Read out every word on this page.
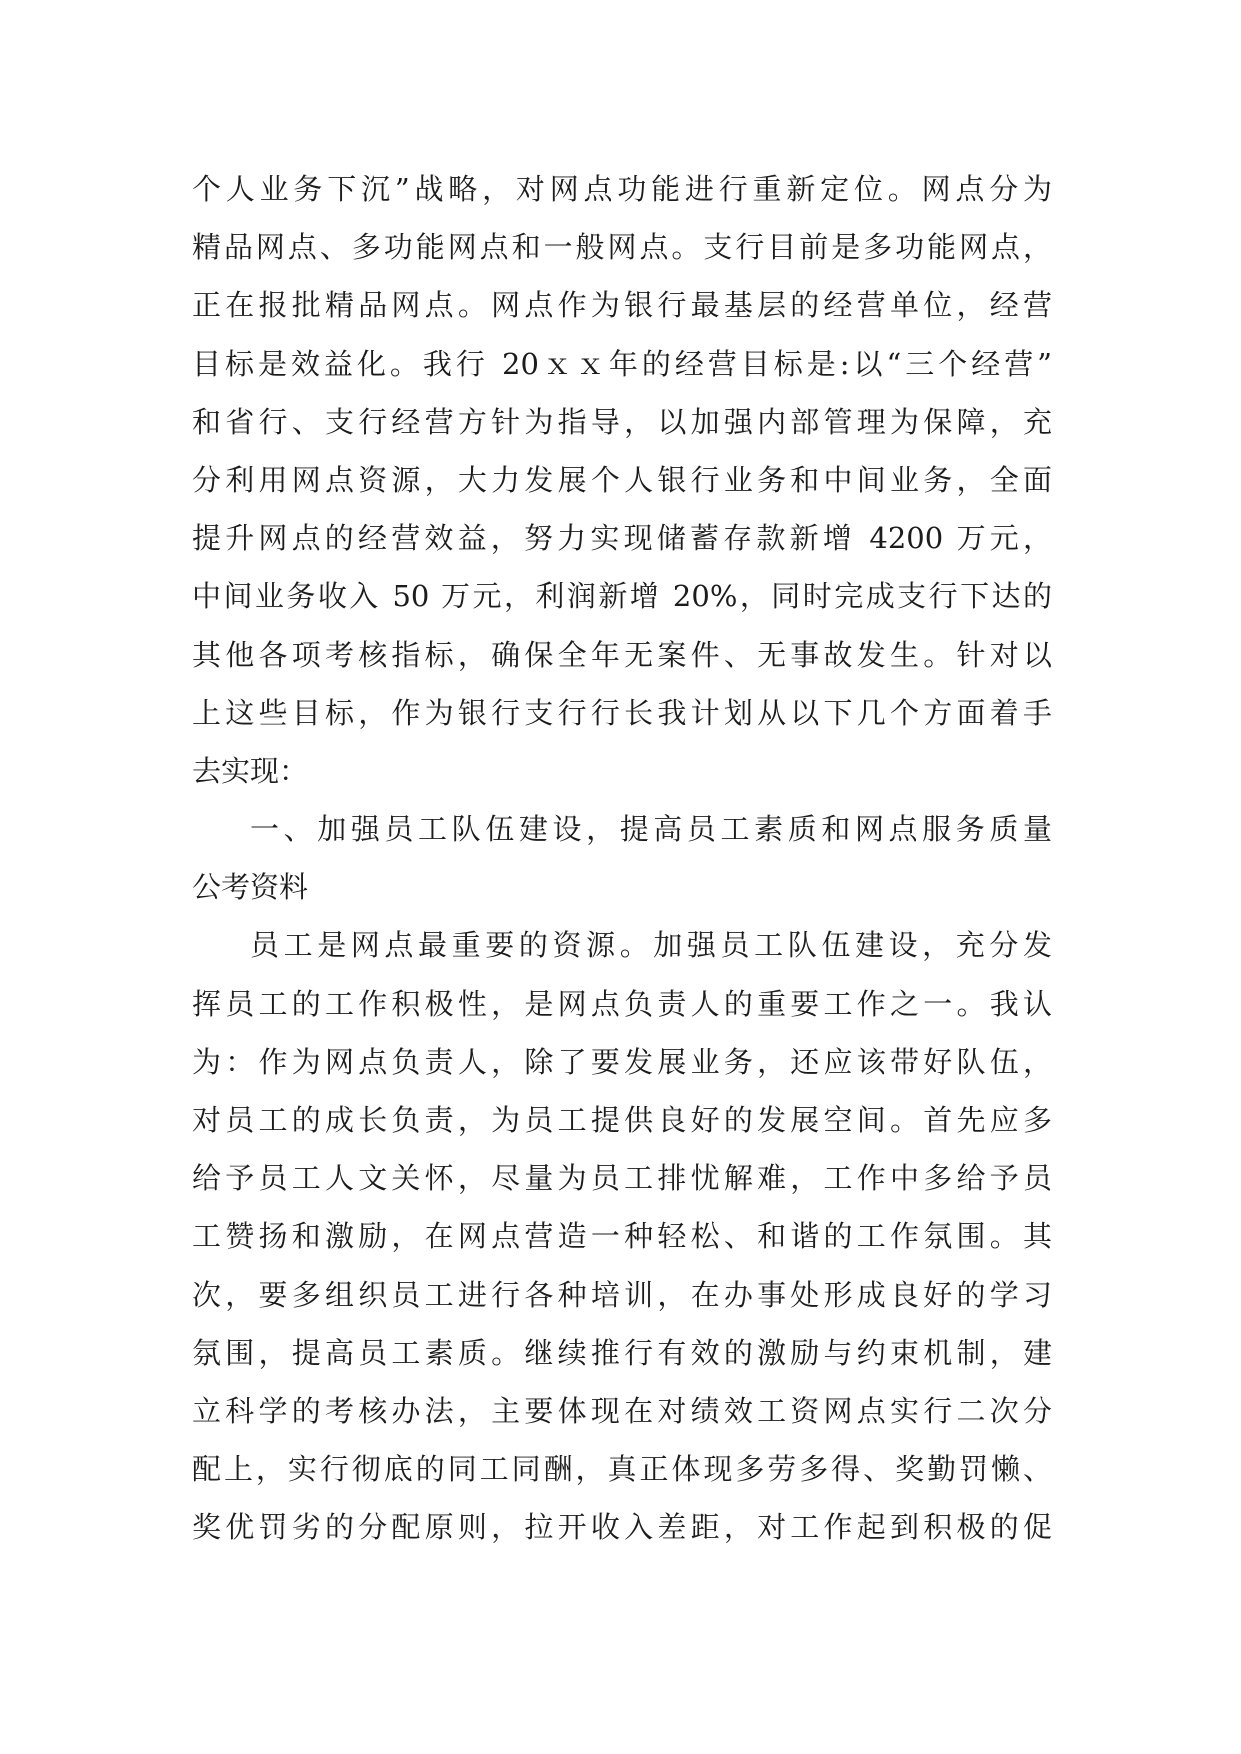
个人业务下沉”战略，对网点功能进行重新定位。网点分为
精品网点、多功能网点和一般网点。支行目前是多功能网点，
正在报批精品网点。网点作为银行最基层的经营单位，经营
目标是效益化。我行 20ｘｘ年的经营目标是:以“三个经营”
和省行、支行经营方针为指导，以加强内部管理为保障，充
分利用网点资源，大力发展个人银行业务和中间业务，全面
提升网点的经营效益，努力实现储蓄存款新增 4200 万元，
中间业务收入 50 万元，利润新增 20%，同时完成支行下达的
其他各项考核指标，确保全年无案件、无事故发生。针对以
上这些目标，作为银行支行行长我计划从以下几个方面着手
去实现：
一、加强员工队伍建设，提高员工素质和网点服务质量
公考资料
员工是网点最重要的资源。加强员工队伍建设，充分发
挥员工的工作积极性，是网点负责人的重要工作之一。我认
为：作为网点负责人，除了要发展业务，还应该带好队伍，
对员工的成长负责，为员工提供良好的发展空间。首先应多
给予员工人文关怀，尽量为员工排忧解难，工作中多给予员
工赞扬和激励，在网点营造一种轻松、和谐的工作氛围。其
次，要多组织员工进行各种培训，在办事处形成良好的学习
氛围，提高员工素质。继续推行有效的激励与约束机制，建
立科学的考核办法，主要体现在对绩效工资网点实行二次分
配上，实行彻底的同工同酬，真正体现多劳多得、奖勤罚懒、
奖优罚劣的分配原则，拉开收入差距，对工作起到积极的促
